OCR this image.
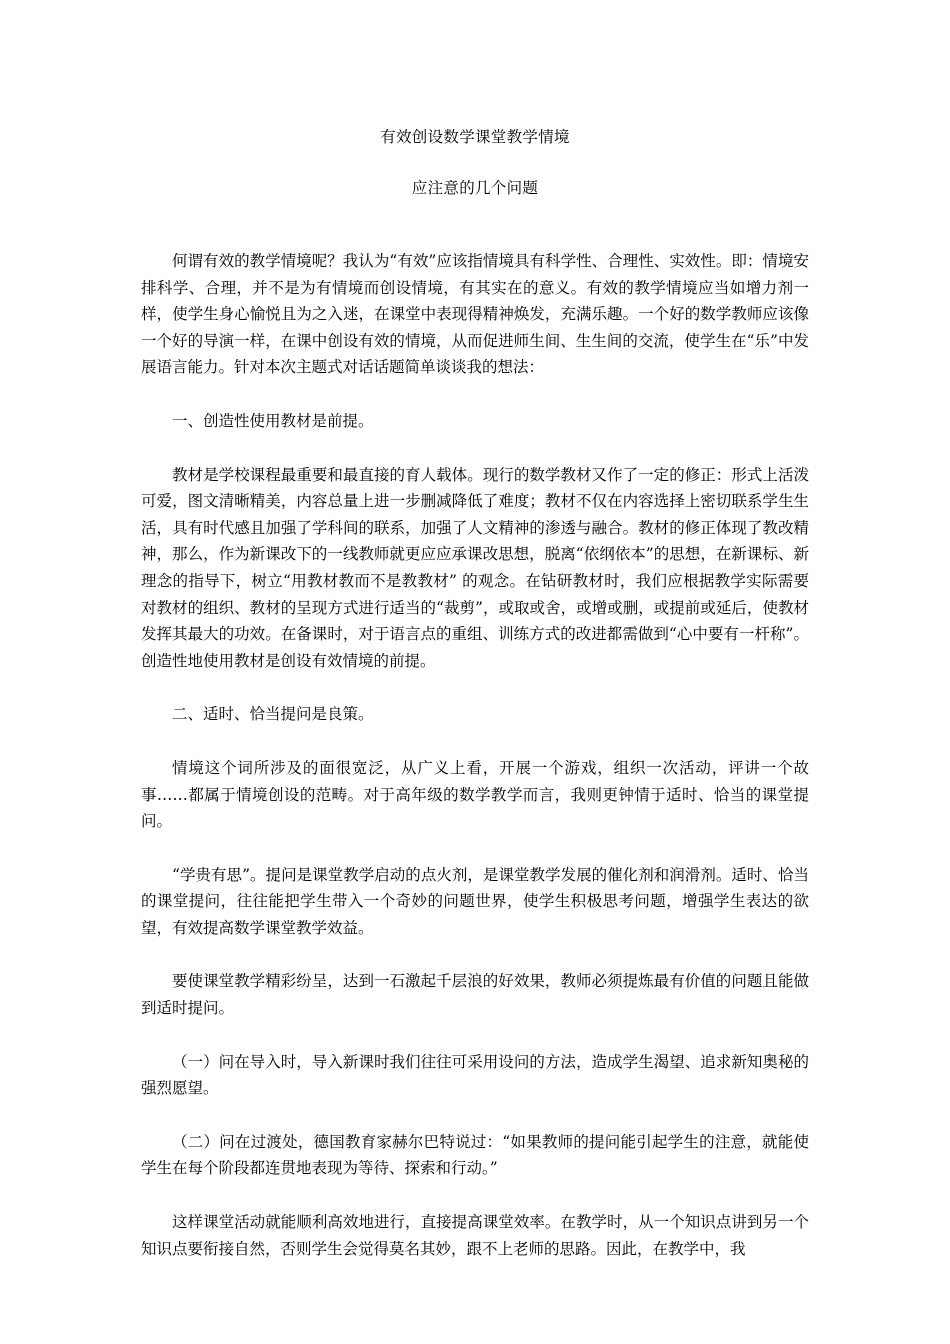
有效创设数学课堂教学情境
应注意的几个问题

何谓有效的教学情境呢？我认为“有效”应该指情境具有科学性、合理性、实效性。即：情境安排科学、合理，并不是为有情境而创设情境，有其实在的意义。有效的教学情境应当如增力剂一样，使学生身心愉悦且为之入迷，在课堂中表现得精神焕发，充满乐趣。一个好的数学教师应该像一个好的导演一样，在课中创设有效的情境，从而促进师生间、生生间的交流，使学生在“乐”中发展语言能力。针对本次主题式对话话题简单谈谈我的想法：

一、创造性使用教材是前提。

教材是学校课程最重要和最直接的育人载体。现行的数学教材又作了一定的修正：形式上活泼可爱，图文清晰精美，内容总量上进一步删减降低了难度；教材不仅在内容选择上密切联系学生生活，具有时代感且加强了学科间的联系，加强了人文精神的渗透与融合。教材的修正体现了教改精神，那么，作为新课改下的一线教师就更应应承课改思想，脱离“依纲依本”的思想，在新课标、新理念的指导下，树立“用教材教而不是教教材” 的观念。在钻研教材时，我们应根据教学实际需要对教材的组织、教材的呈现方式进行适当的“裁剪”，或取或舍，或增或删，或提前或延后，使教材发挥其最大的功效。在备课时，对于语言点的重组、训练方式的改进都需做到“心中要有一杆称”。创造性地使用教材是创设有效情境的前提。

二、适时、恰当提问是良策。

情境这个词所涉及的面很宽泛，从广义上看，开展一个游戏，组织一次活动，评讲一个故事……都属于情境创设的范畴。对于高年级的数学教学而言，我则更钟情于适时、恰当的课堂提问。

“学贵有思”。提问是课堂教学启动的点火剂，是课堂教学发展的催化剂和润滑剂。适时、恰当的课堂提问，往往能把学生带入一个奇妙的问题世界，使学生积极思考问题，增强学生表达的欲望，有效提高数学课堂教学效益。

要使课堂教学精彩纷呈，达到一石激起千层浪的好效果，教师必须提炼最有价值的问题且能做到适时提问。

（一）问在导入时，导入新课时我们往往可采用设问的方法，造成学生渴望、追求新知奥秘的强烈愿望。

（二）问在过渡处，德国教育家赫尔巴特说过：“如果教师的提问能引起学生的注意，就能使学生在每个阶段都连贯地表现为等待、探索和行动。”

这样课堂活动就能顺利高效地进行，直接提高课堂效率。在教学时，从一个知识点讲到另一个知识点要衔接自然，否则学生会觉得莫名其妙，跟不上老师的思路。因此，在教学中，我
